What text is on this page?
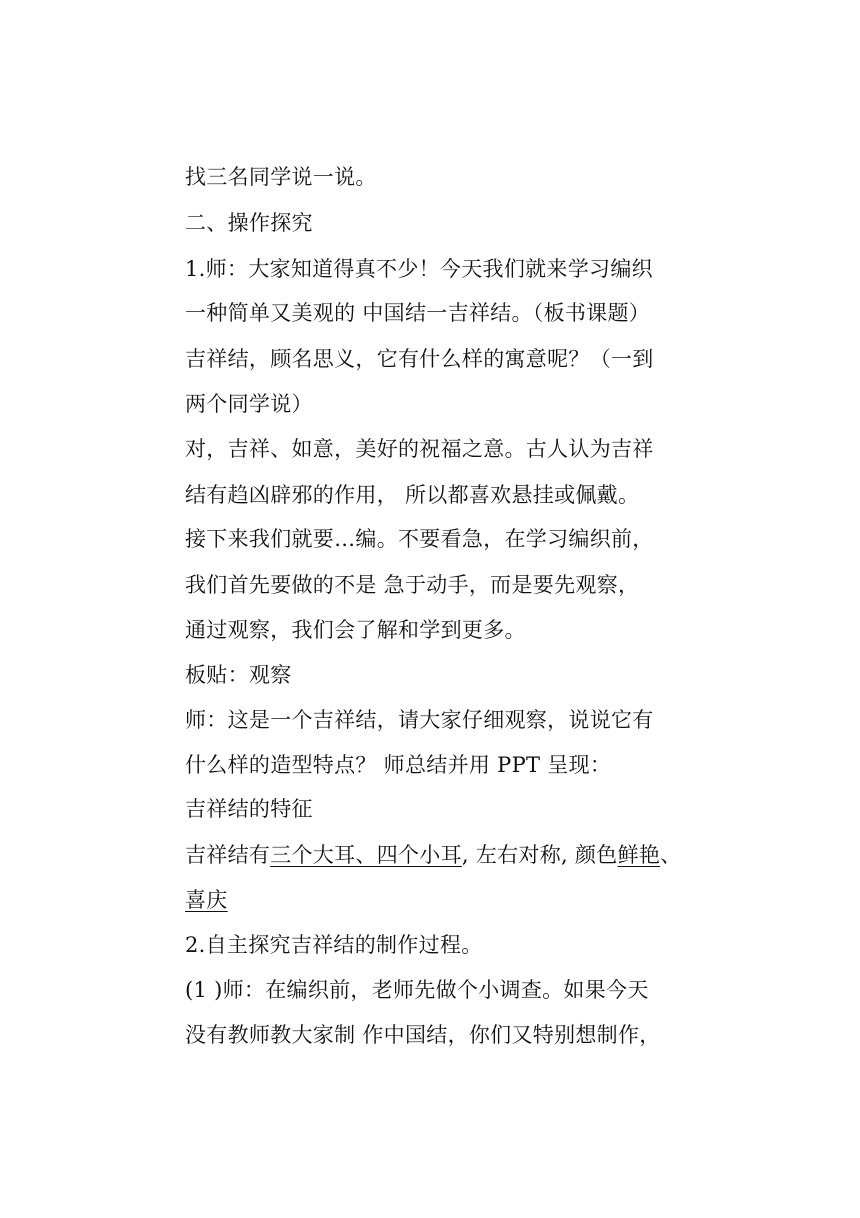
找三名同学说一说。
二、操作探究
1.师：大家知道得真不少！今天我们就来学习编织
一种简单又美观的 中国结一吉祥结。（板书课题）
吉祥结，顾名思义，它有什么样的寓意呢？（一到
两个同学说）
对，吉祥、如意，美好的祝福之意。古人认为吉祥
结有趋凶辟邪的作用， 所以都喜欢悬挂或佩戴。
接下来我们就要…编。不要看急，在学习编织前，
我们首先要做的不是 急于动手，而是要先观察，
通过观察，我们会了解和学到更多。
板贴：观察
师：这是一个吉祥结，请大家仔细观察，说说它有
什么样的造型特点？ 师总结并用 PPT 呈现：
吉祥结的特征
吉祥结有三个大耳、四个小耳, 左右对称, 颜色鲜艳、
喜庆
2.自主探究吉祥结的制作过程。
(1 )师：在编织前，老师先做个小调查。如果今天
没有教师教大家制 作中国结，你们又特别想制作，
